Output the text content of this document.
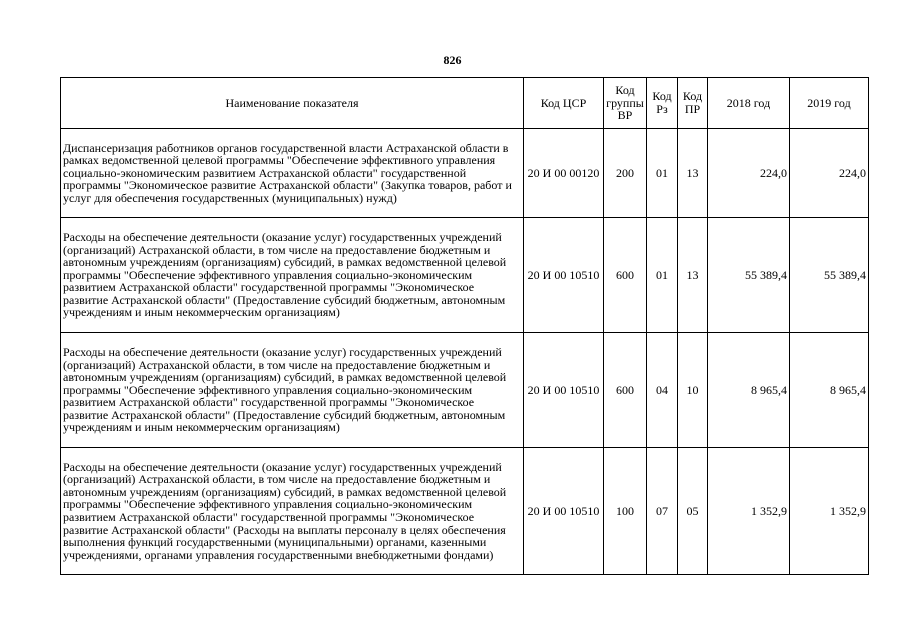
826
Наименование показателя	Код ЦСР	Код группы ВР	Код Рз	Код ПР	2018 год	2019 год
Диспансеризация работников органов государственной власти Астраханской области в рамках ведомственной целевой программы "Обеспечение эффективного управления социально-экономическим развитием Астраханской области" государственной программы "Экономическое развитие Астраханской области" (Закупка товаров, работ и услуг для обеспечения государственных (муниципальных) нужд)	20 И 00 00120	200	01	13	224,0	224,0
Расходы на обеспечение деятельности (оказание услуг) государственных учреждений (организаций) Астраханской области, в том числе на предоставление бюджетным и автономным учреждениям (организациям) субсидий, в рамках ведомственной целевой программы "Обеспечение эффективного управления социально-экономическим развитием Астраханской области" государственной программы "Экономическое развитие Астраханской области" (Предоставление субсидий бюджетным, автономным учреждениям и иным некоммерческим организациям)	20 И 00 10510	600	01	13	55 389,4	55 389,4
Расходы на обеспечение деятельности (оказание услуг) государственных учреждений (организаций) Астраханской области, в том числе на предоставление бюджетным и автономным учреждениям (организациям) субсидий, в рамках ведомственной целевой программы "Обеспечение эффективного управления социально-экономическим развитием Астраханской области" государственной программы "Экономическое развитие Астраханской области" (Предоставление субсидий бюджетным, автономным учреждениям и иным некоммерческим организациям)	20 И 00 10510	600	04	10	8 965,4	8 965,4
Расходы на обеспечение деятельности (оказание услуг) государственных учреждений (организаций) Астраханской области, в том числе на предоставление бюджетным и автономным учреждениям (организациям) субсидий, в рамках ведомственной целевой программы "Обеспечение эффективного управления социально-экономическим развитием Астраханской области" государственной программы "Экономическое развитие Астраханской области" (Расходы на выплаты персоналу в целях обеспечения выполнения функций государственными (муниципальными) органами, казенными учреждениями, органами управления государственными внебюджетными фондами)	20 И 00 10510	100	07	05	1 352,9	1 352,9
